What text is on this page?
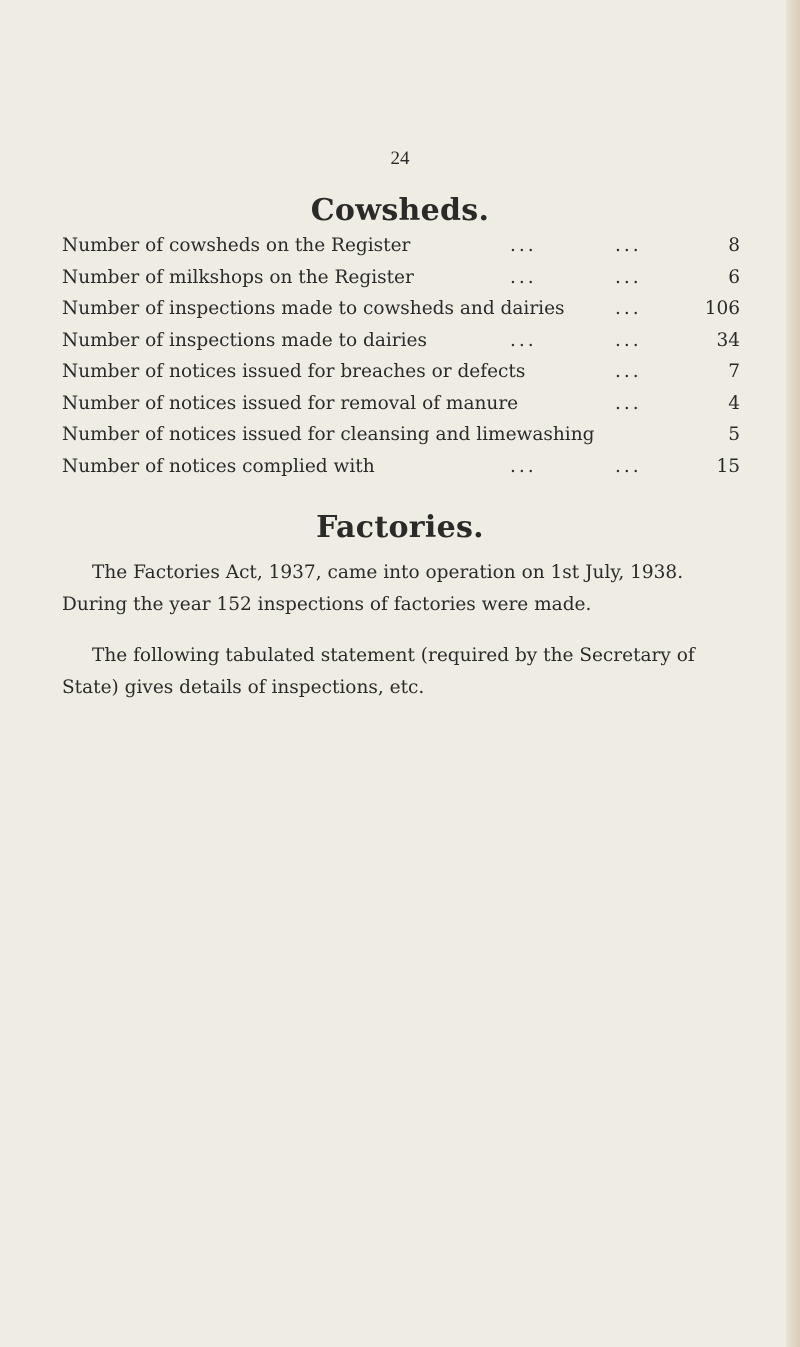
24
Cowsheds.
Number of cowsheds on the Register	...	...	8
Number of milkshops on the Register	...	...	6
Number of inspections made to cowsheds and dairies	...	106
Number of inspections made to dairies	...	...	34
Number of notices issued for breaches or defects	...	7
Number of notices issued for removal of manure	...	4
Number of notices issued for cleansing and limewashing	5
Number of notices complied with	...	...	15
Factories.
The Factories Act, 1937, came into operation on 1st July, 1938.
During the year 152 inspections of factories were made.
The following tabulated statement (required by the Secretary of
State) gives details of inspections, etc.
